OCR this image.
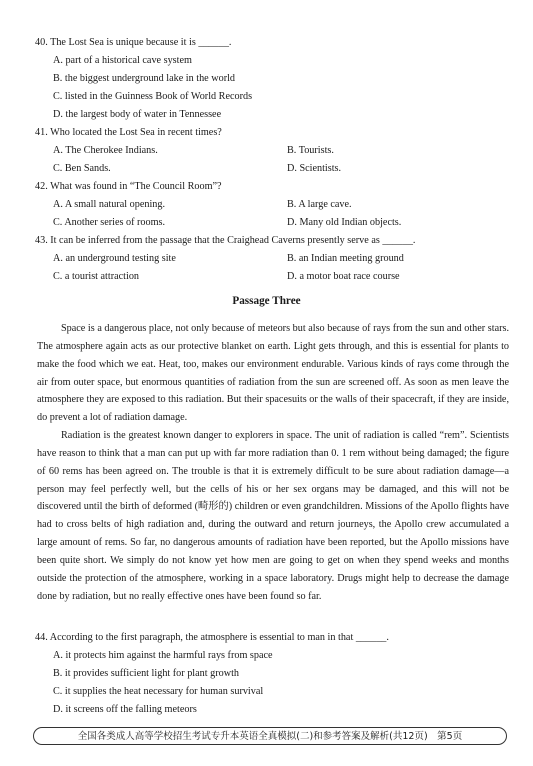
40. The Lost Sea is unique because it is ______.
A. part of a historical cave system
B. the biggest underground lake in the world
C. listed in the Guinness Book of World Records
D. the largest body of water in Tennessee
41. Who located the Lost Sea in recent times?
A. The Cherokee Indians.	B. Tourists.
C. Ben Sands.	D. Scientists.
42. What was found in “The Council Room”?
A. A small natural opening.	B. A large cave.
C. Another series of rooms.	D. Many old Indian objects.
43. It can be inferred from the passage that the Craighead Caverns presently serve as ______.
A. an underground testing site	B. an Indian meeting ground
C. a tourist attraction	D. a motor boat race course
Passage Three

Space is a dangerous place, not only because of meteors but also because of rays from the sun and other stars. The atmosphere again acts as our protective blanket on earth. Light gets through, and this is essential for plants to make the food which we eat. Heat, too, makes our environment endurable. Various kinds of rays come through the air from outer space, but enormous quantities of radiation from the sun are screened off. As soon as men leave the atmosphere they are exposed to this radiation. But their spacesuits or the walls of their spacecraft, if they are inside, do prevent a lot of radiation damage.

Radiation is the greatest known danger to explorers in space. The unit of radiation is called “rem”. Scientists have reason to think that a man can put up with far more radiation than 0. 1 rem without being damaged; the figure of 60 rems has been agreed on. The trouble is that it is extremely difficult to be sure about radiation damage—a person may feel perfectly well, but the cells of his or her sex organs may be damaged, and this will not be discovered until the birth of deformed (畸形的) children or even grandchildren. Missions of the Apollo flights have had to cross belts of high radiation and, during the outward and return journeys, the Apollo crew accumulated a large amount of rems. So far, no dangerous amounts of radiation have been reported, but the Apollo missions have been quite short. We simply do not know yet how men are going to get on when they spend weeks and months outside the protection of the atmosphere, working in a space laboratory. Drugs might help to decrease the damage done by radiation, but no really effective ones have been found so far.

44. According to the first paragraph, the atmosphere is essential to man in that ______.
A. it protects him against the harmful rays from space
B. it provides sufficient light for plant growth
C. it supplies the heat necessary for human survival
D. it screens off the falling meteors
全国各类成人高等学校招生考试专升本英语全真模拟(二)和参考答案及解析(共12页)　第5页
